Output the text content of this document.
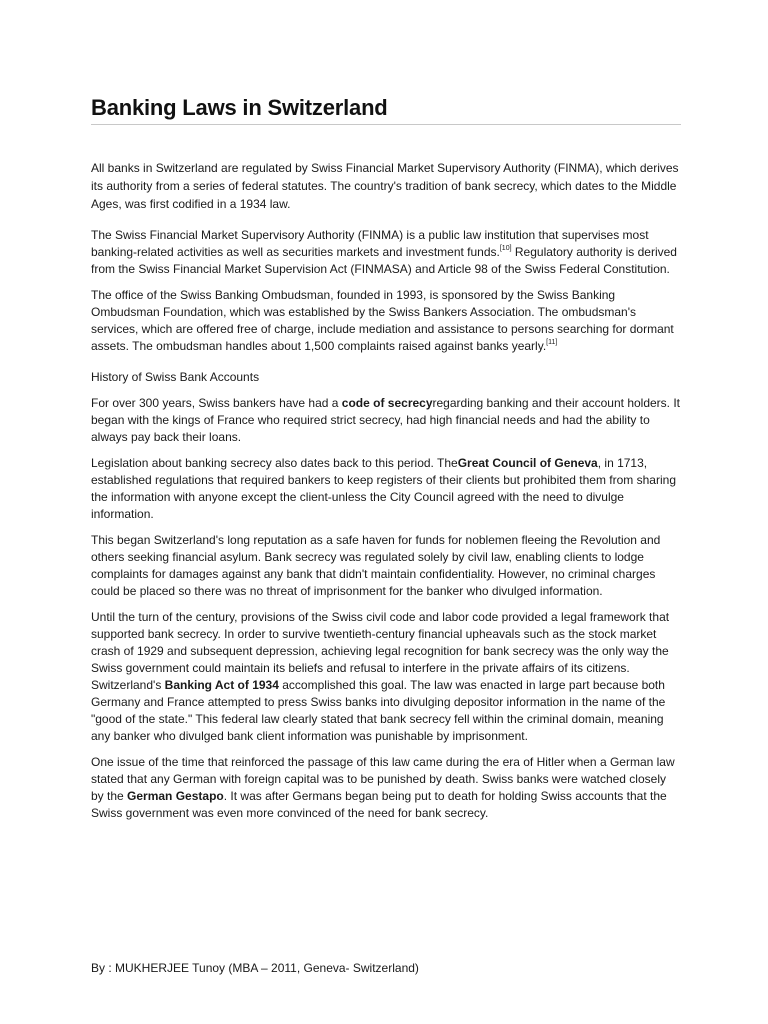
Banking Laws in Switzerland

All banks in Switzerland are regulated by Swiss Financial Market Supervisory Authority (FINMA), which derives its authority from a series of federal statutes. The country's tradition of bank secrecy, which dates to the Middle Ages, was first codified in a 1934 law.

The Swiss Financial Market Supervisory Authority (FINMA) is a public law institution that supervises most banking-related activities as well as securities markets and investment funds.[10] Regulatory authority is derived from the Swiss Financial Market Supervision Act (FINMASA) and Article 98 of the Swiss Federal Constitution.

The office of the Swiss Banking Ombudsman, founded in 1993, is sponsored by the Swiss Banking Ombudsman Foundation, which was established by the Swiss Bankers Association. The ombudsman's services, which are offered free of charge, include mediation and assistance to persons searching for dormant assets. The ombudsman handles about 1,500 complaints raised against banks yearly.[11]

History of Swiss Bank Accounts

For over 300 years, Swiss bankers have had a code of secrecyregarding banking and their account holders. It began with the kings of France who required strict secrecy, had high financial needs and had the ability to always pay back their loans.

Legislation about banking secrecy also dates back to this period. TheGreat Council of Geneva, in 1713, established regulations that required bankers to keep registers of their clients but prohibited them from sharing the information with anyone except the client-unless the City Council agreed with the need to divulge information.

This began Switzerland's long reputation as a safe haven for funds for noblemen fleeing the Revolution and others seeking financial asylum. Bank secrecy was regulated solely by civil law, enabling clients to lodge complaints for damages against any bank that didn't maintain confidentiality. However, no criminal charges could be placed so there was no threat of imprisonment for the banker who divulged information.

Until the turn of the century, provisions of the Swiss civil code and labor code provided a legal framework that supported bank secrecy. In order to survive twentieth-century financial upheavals such as the stock market crash of 1929 and subsequent depression, achieving legal recognition for bank secrecy was the only way the Swiss government could maintain its beliefs and refusal to interfere in the private affairs of its citizens. Switzerland's Banking Act of 1934 accomplished this goal. The law was enacted in large part because both Germany and France attempted to press Swiss banks into divulging depositor information in the name of the "good of the state." This federal law clearly stated that bank secrecy fell within the criminal domain, meaning any banker who divulged bank client information was punishable by imprisonment.

One issue of the time that reinforced the passage of this law came during the era of Hitler when a German law stated that any German with foreign capital was to be punished by death. Swiss banks were watched closely by the German Gestapo. It was after Germans began being put to death for holding Swiss accounts that the Swiss government was even more convinced of the need for bank secrecy.

By : MUKHERJEE Tunoy (MBA – 2011, Geneva- Switzerland)
